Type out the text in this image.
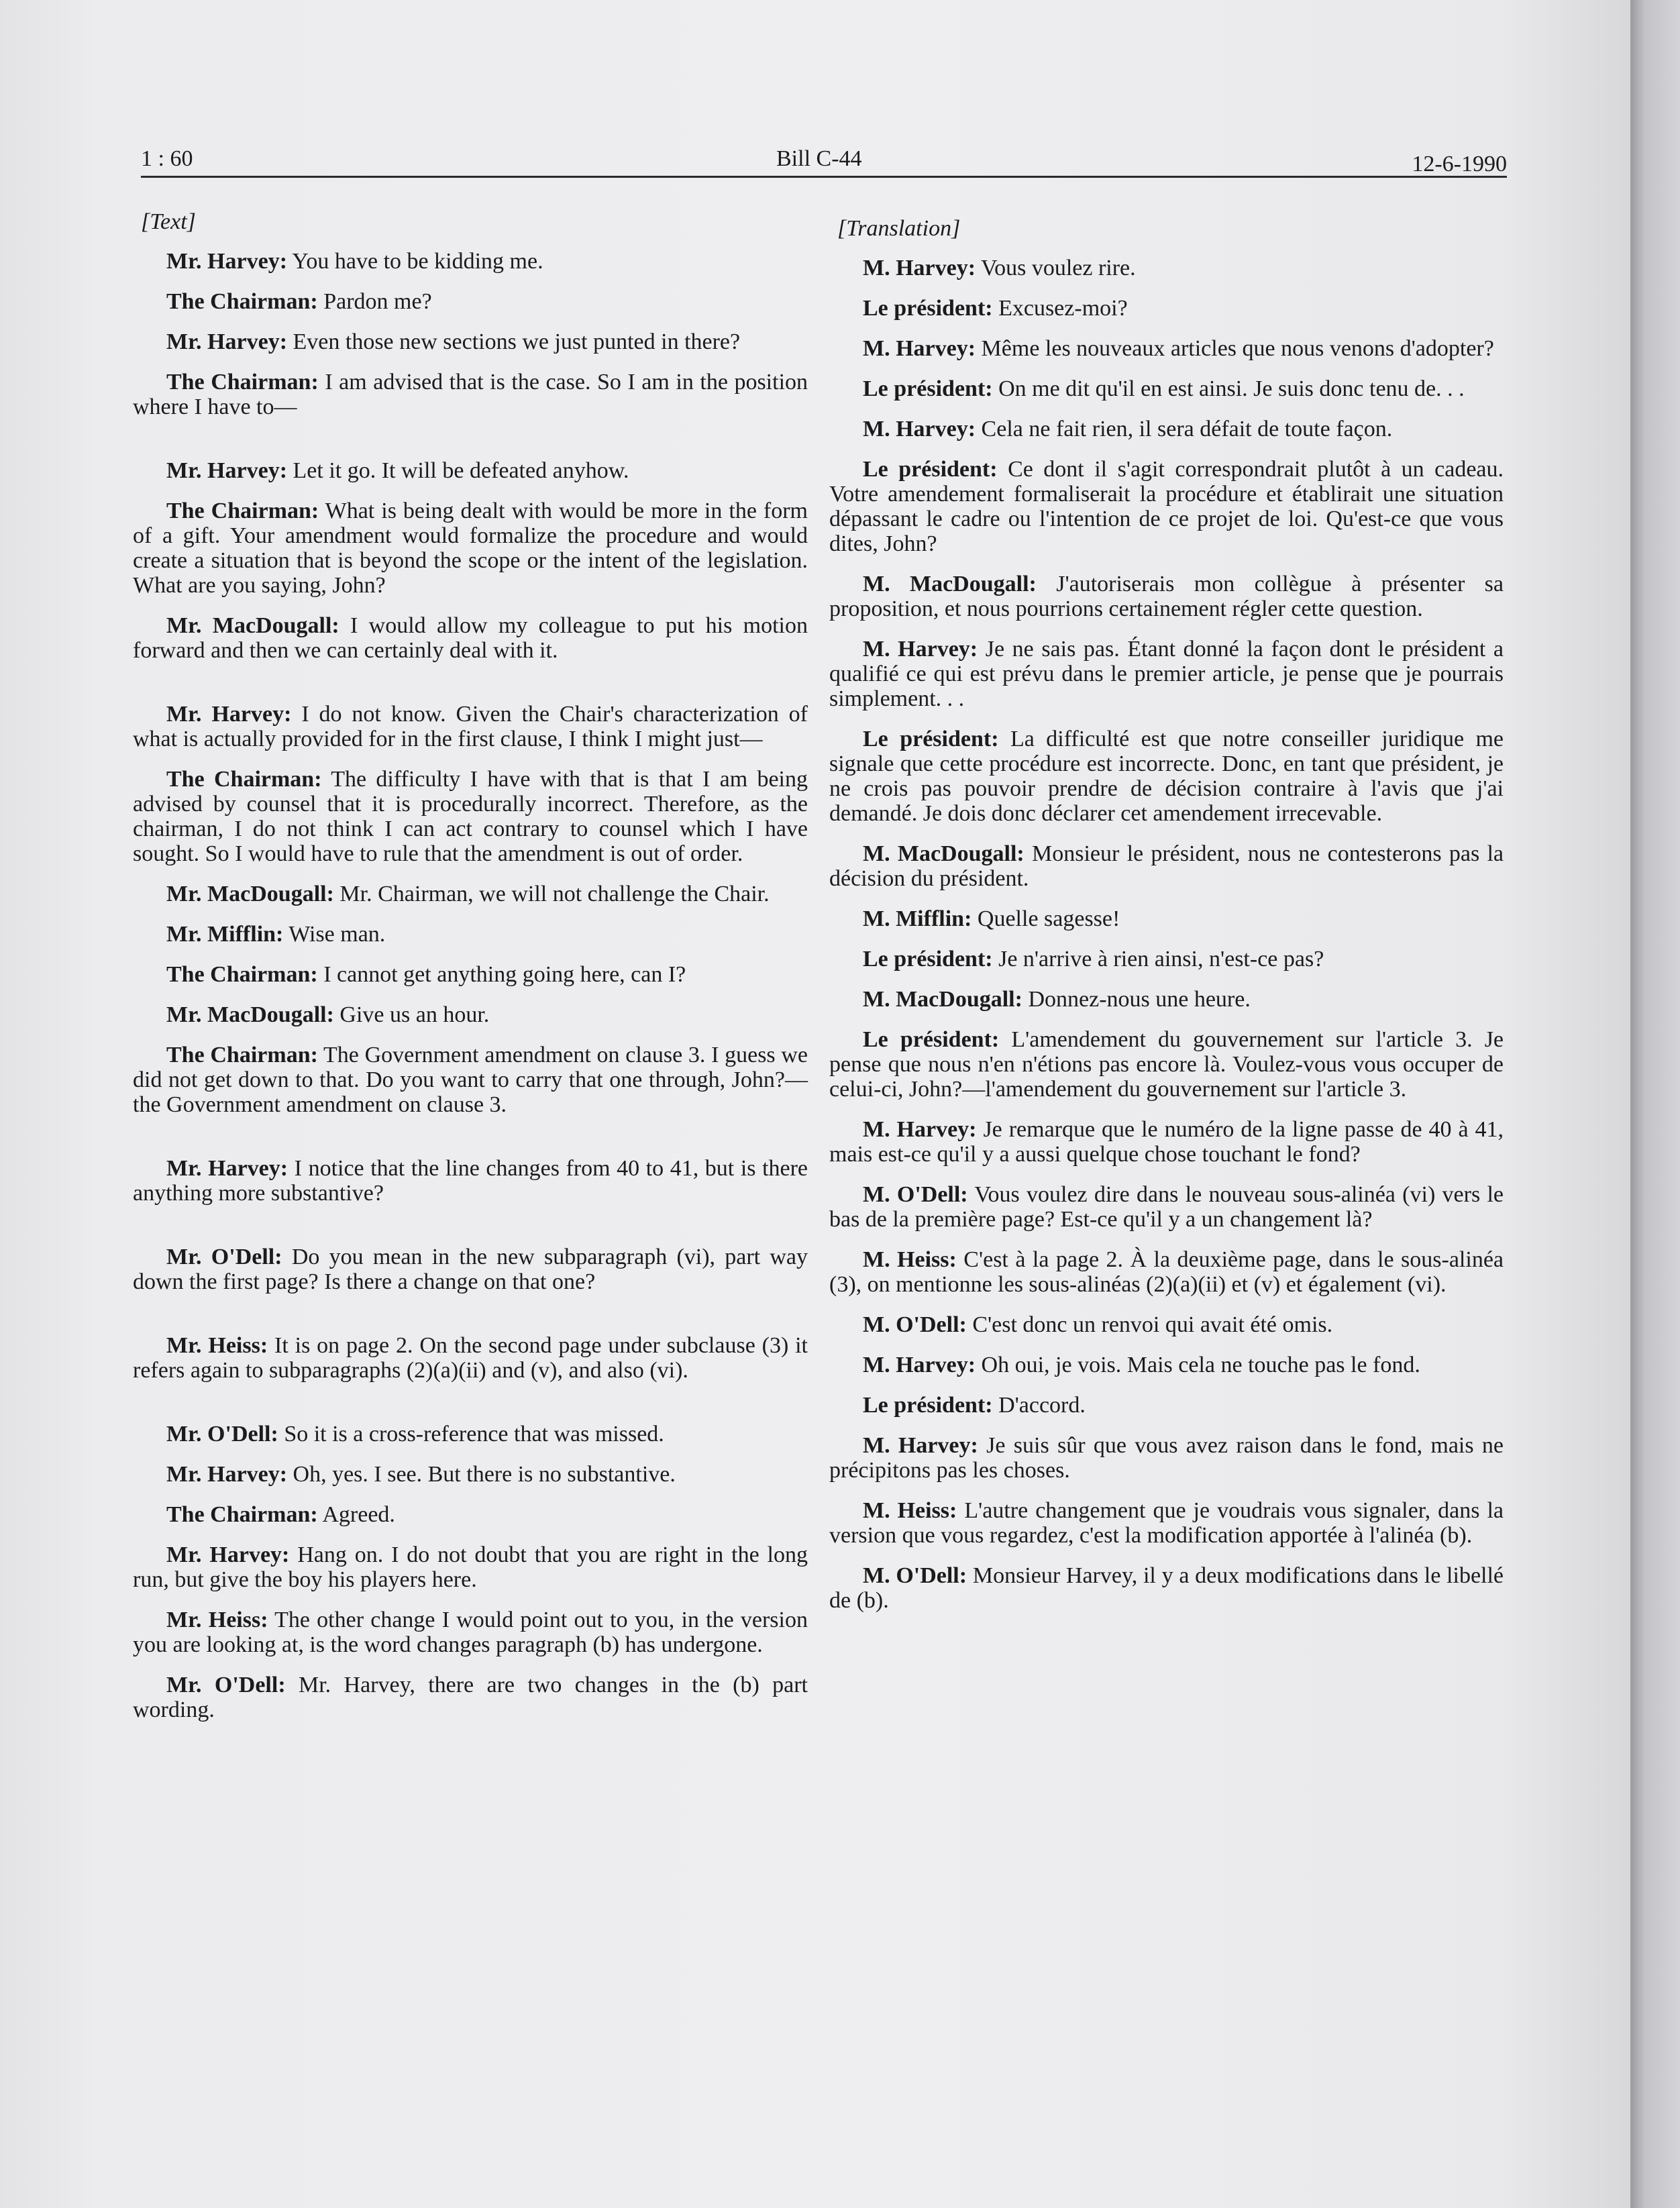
1 : 60	Bill C-44	12-6-1990
[Text]
Mr. Harvey: You have to be kidding me.
The Chairman: Pardon me?
Mr. Harvey: Even those new sections we just punted in there?
The Chairman: I am advised that is the case. So I am in the position where I have to—
Mr. Harvey: Let it go. It will be defeated anyhow.
The Chairman: What is being dealt with would be more in the form of a gift. Your amendment would formalize the procedure and would create a situation that is beyond the scope or the intent of the legislation. What are you saying, John?
Mr. MacDougall: I would allow my colleague to put his motion forward and then we can certainly deal with it.
Mr. Harvey: I do not know. Given the Chair's characterization of what is actually provided for in the first clause, I think I might just—
The Chairman: The difficulty I have with that is that I am being advised by counsel that it is procedurally incorrect. Therefore, as the chairman, I do not think I can act contrary to counsel which I have sought. So I would have to rule that the amendment is out of order.
Mr. MacDougall: Mr. Chairman, we will not challenge the Chair.
Mr. Mifflin: Wise man.
The Chairman: I cannot get anything going here, can I?
Mr. MacDougall: Give us an hour.
The Chairman: The Government amendment on clause 3. I guess we did not get down to that. Do you want to carry that one through, John?—the Government amendment on clause 3.
Mr. Harvey: I notice that the line changes from 40 to 41, but is there anything more substantive?
Mr. O'Dell: Do you mean in the new subparagraph (vi), part way down the first page? Is there a change on that one?
Mr. Heiss: It is on page 2. On the second page under subclause (3) it refers again to subparagraphs (2)(a)(ii) and (v), and also (vi).
Mr. O'Dell: So it is a cross-reference that was missed.
Mr. Harvey: Oh, yes. I see. But there is no substantive.
The Chairman: Agreed.
Mr. Harvey: Hang on. I do not doubt that you are right in the long run, but give the boy his players here.
Mr. Heiss: The other change I would point out to you, in the version you are looking at, is the word changes paragraph (b) has undergone.
Mr. O'Dell: Mr. Harvey, there are two changes in the (b) part wording.
[Translation]
M. Harvey: Vous voulez rire.
Le président: Excusez-moi?
M. Harvey: Même les nouveaux articles que nous venons d'adopter?
Le président: On me dit qu'il en est ainsi. Je suis donc tenu de. . .
M. Harvey: Cela ne fait rien, il sera défait de toute façon.
Le président: Ce dont il s'agit correspondrait plutôt à un cadeau. Votre amendement formaliserait la procédure et établirait une situation dépassant le cadre ou l'intention de ce projet de loi. Qu'est-ce que vous dites, John?
M. MacDougall: J'autoriserais mon collègue à présenter sa proposition, et nous pourrions certainement régler cette question.
M. Harvey: Je ne sais pas. Étant donné la façon dont le président a qualifié ce qui est prévu dans le premier article, je pense que je pourrais simplement. . .
Le président: La difficulté est que notre conseiller juridique me signale que cette procédure est incorrecte. Donc, en tant que président, je ne crois pas pouvoir prendre de décision contraire à l'avis que j'ai demandé. Je dois donc déclarer cet amendement irrecevable.
M. MacDougall: Monsieur le président, nous ne contesterons pas la décision du président.
M. Mifflin: Quelle sagesse!
Le président: Je n'arrive à rien ainsi, n'est-ce pas?
M. MacDougall: Donnez-nous une heure.
Le président: L'amendement du gouvernement sur l'article 3. Je pense que nous n'en n'étions pas encore là. Voulez-vous vous occuper de celui-ci, John?—l'amendement du gouvernement sur l'article 3.
M. Harvey: Je remarque que le numéro de la ligne passe de 40 à 41, mais est-ce qu'il y a aussi quelque chose touchant le fond?
M. O'Dell: Vous voulez dire dans le nouveau sous-alinéa (vi) vers le bas de la première page? Est-ce qu'il y a un changement là?
M. Heiss: C'est à la page 2. À la deuxième page, dans le sous-alinéa (3), on mentionne les sous-alinéas (2)(a)(ii) et (v) et également (vi).
M. O'Dell: C'est donc un renvoi qui avait été omis.
M. Harvey: Oh oui, je vois. Mais cela ne touche pas le fond.
Le président: D'accord.
M. Harvey: Je suis sûr que vous avez raison dans le fond, mais ne précipitons pas les choses.
M. Heiss: L'autre changement que je voudrais vous signaler, dans la version que vous regardez, c'est la modification apportée à l'alinéa (b).
M. O'Dell: Monsieur Harvey, il y a deux modifications dans le libellé de (b).
